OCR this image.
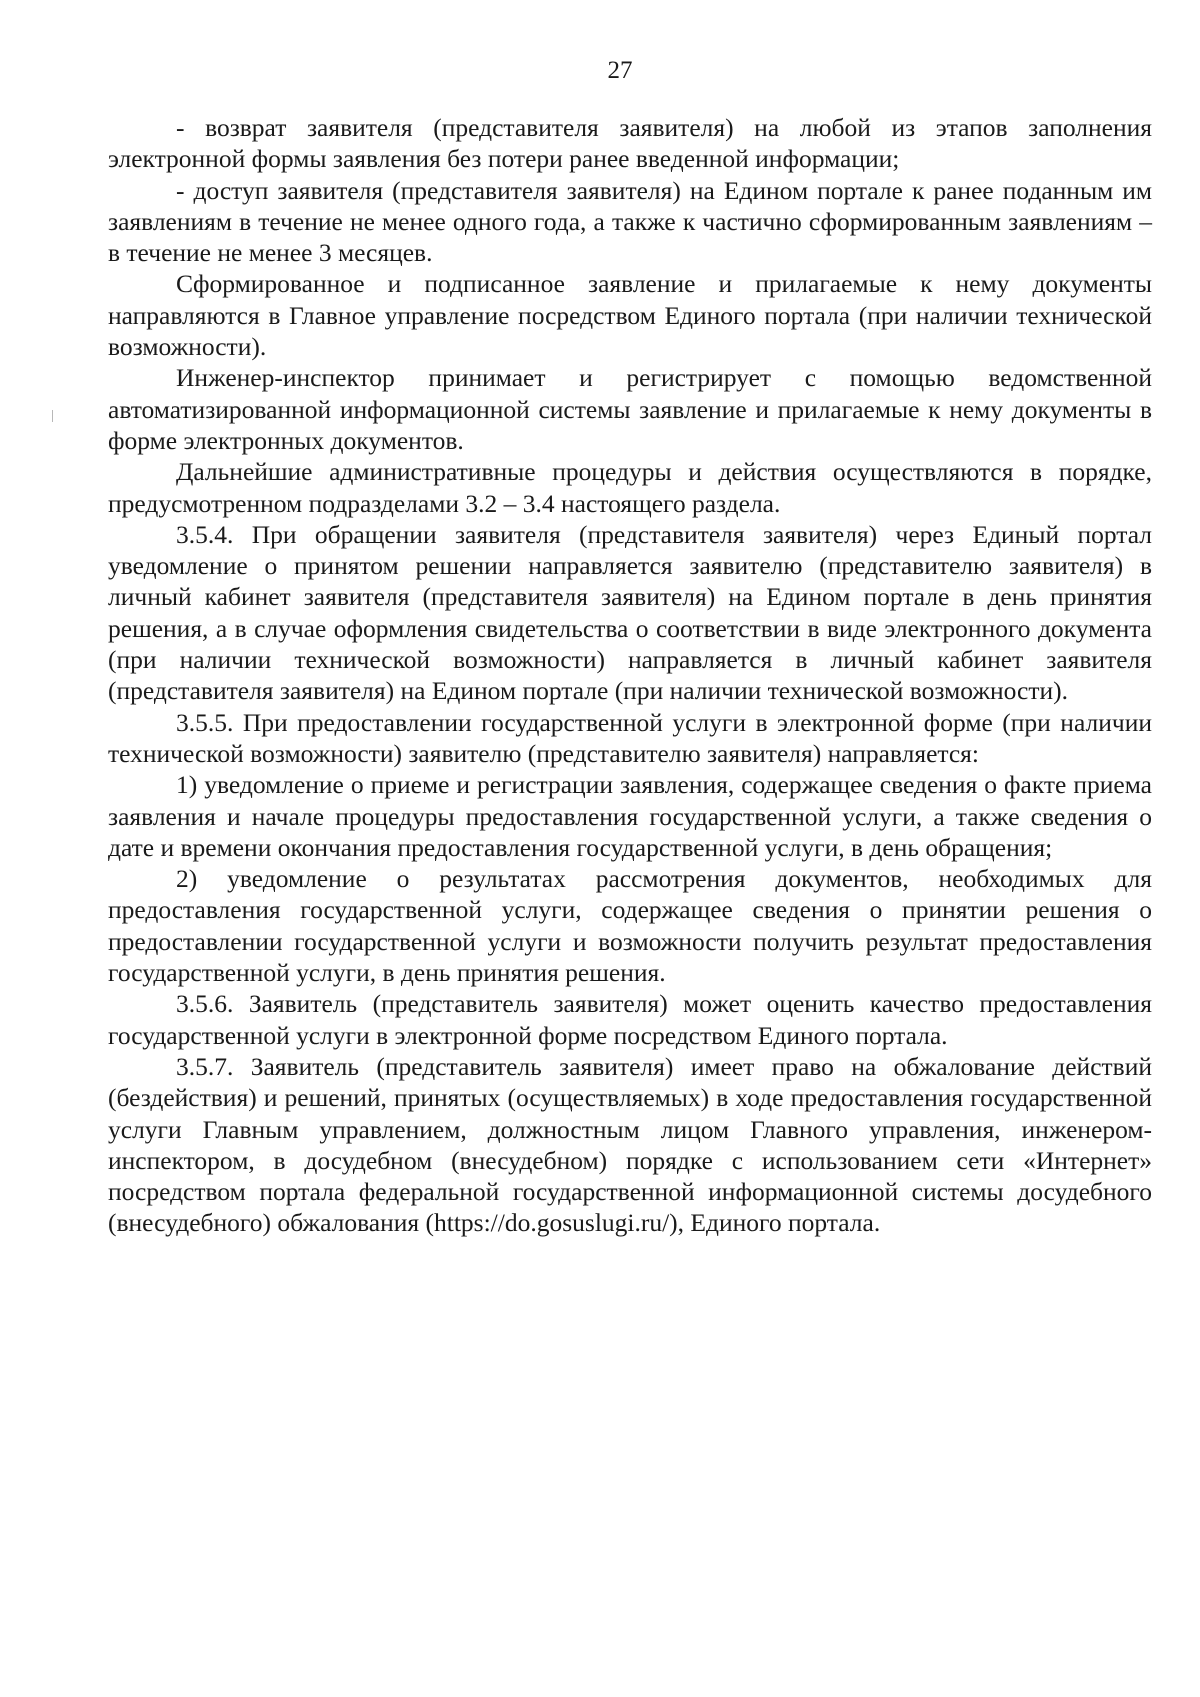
27

- возврат заявителя (представителя заявителя) на любой из этапов заполнения электронной формы заявления без потери ранее введенной информации;

- доступ заявителя (представителя заявителя) на Едином портале к ранее поданным им заявлениям в течение не менее одного года, а также к частично сформированным заявлениям – в течение не менее 3 месяцев.

Сформированное и подписанное заявление и прилагаемые к нему документы направляются в Главное управление посредством Единого портала (при наличии технической возможности).

Инженер-инспектор принимает и регистрирует с помощью ведомственной автоматизированной информационной системы заявление и прилагаемые к нему документы в форме электронных документов.

Дальнейшие административные процедуры и действия осуществляются в порядке, предусмотренном подразделами 3.2 – 3.4 настоящего раздела.

3.5.4. При обращении заявителя (представителя заявителя) через Единый портал уведомление о принятом решении направляется заявителю (представителю заявителя) в личный кабинет заявителя (представителя заявителя) на Едином портале в день принятия решения, а в случае оформления свидетельства о соответствии в виде электронного документа (при наличии технической возможности) направляется в личный кабинет заявителя (представителя заявителя) на Едином портале (при наличии технической возможности).

3.5.5. При предоставлении государственной услуги в электронной форме (при наличии технической возможности) заявителю (представителю заявителя) направляется:

1) уведомление о приеме и регистрации заявления, содержащее сведения о факте приема заявления и начале процедуры предоставления государственной услуги, а также сведения о дате и времени окончания предоставления государственной услуги, в день обращения;

2) уведомление о результатах рассмотрения документов, необходимых для предоставления государственной услуги, содержащее сведения о принятии решения о предоставлении государственной услуги и возможности получить результат предоставления государственной услуги, в день принятия решения.

3.5.6. Заявитель (представитель заявителя) может оценить качество предоставления государственной услуги в электронной форме посредством Единого портала.

3.5.7. Заявитель (представитель заявителя) имеет право на обжалование действий (бездействия) и решений, принятых (осуществляемых) в ходе предоставления государственной услуги Главным управлением, должностным лицом Главного управления, инженером-инспектором, в досудебном (внесудебном) порядке с использованием сети «Интернет» посредством портала федеральной государственной информационной системы досудебного (внесудебного) обжалования (https://do.gosuslugi.ru/), Единого портала.
